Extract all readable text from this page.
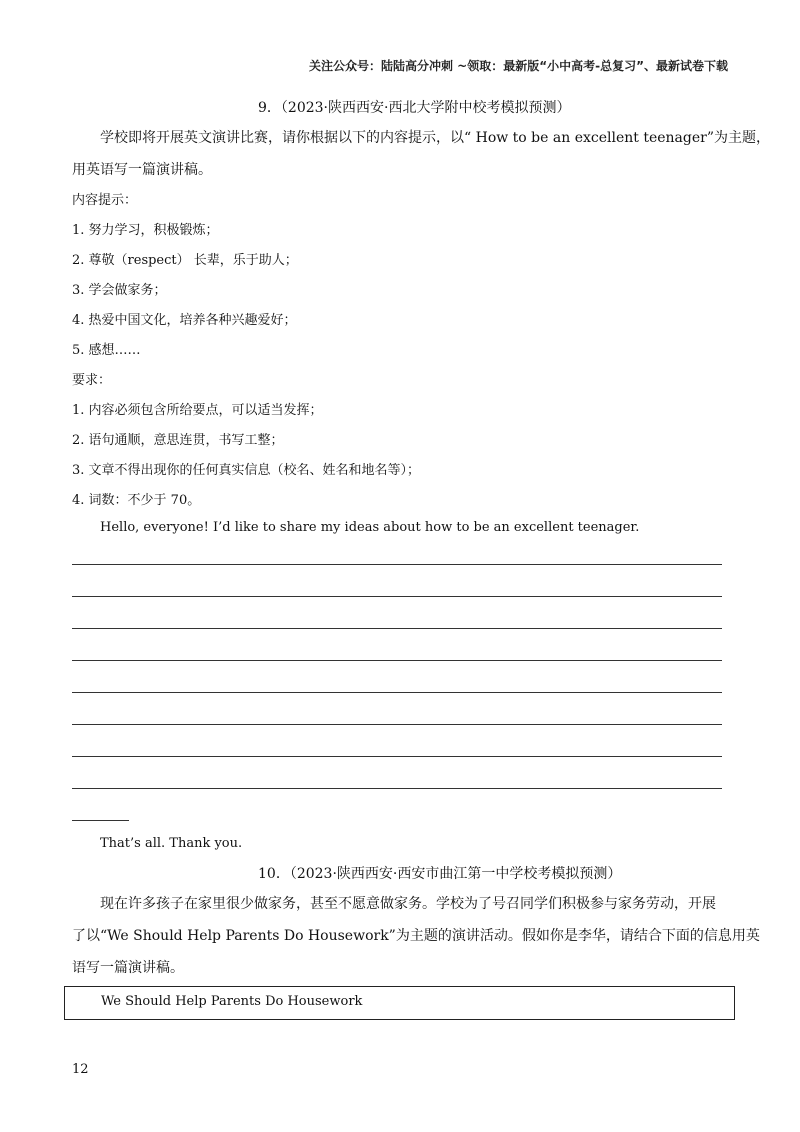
关注公众号：陆陆高分冲刺 ~领取：最新版“小中高考-总复习”、最新试卷下载
9．（2023·陕西西安·西北大学附中校考模拟预测）
学校即将开展英文演讲比赛，请你根据以下的内容提示，以“ How to be an excellent teenager”为主题，
用英语写一篇演讲稿。
内容提示：
1. 努力学习，积极锻炼；
2. 尊敬（respect） 长辈，乐于助人；
3. 学会做家务；
4. 热爱中国文化，培养各种兴趣爱好；
5. 感想……
要求：
1. 内容必须包含所给要点，可以适当发挥；
2. 语句通顺，意思连贯，书写工整；
3. 文章不得出现你的任何真实信息（校名、姓名和地名等）；
4. 词数：不少于 70。
Hello, everyone! I’d like to share my ideas about how to be an excellent teenager.
That’s all. Thank you.
10．（2023·陕西西安·西安市曲江第一中学校考模拟预测）
现在许多孩子在家里很少做家务，甚至不愿意做家务。学校为了号召同学们积极参与家务劳动，开展
了以“We Should Help Parents Do Housework”为主题的演讲活动。假如你是李华，请结合下面的信息用英
语写一篇演讲稿。
We Should Help Parents Do Housework
12
